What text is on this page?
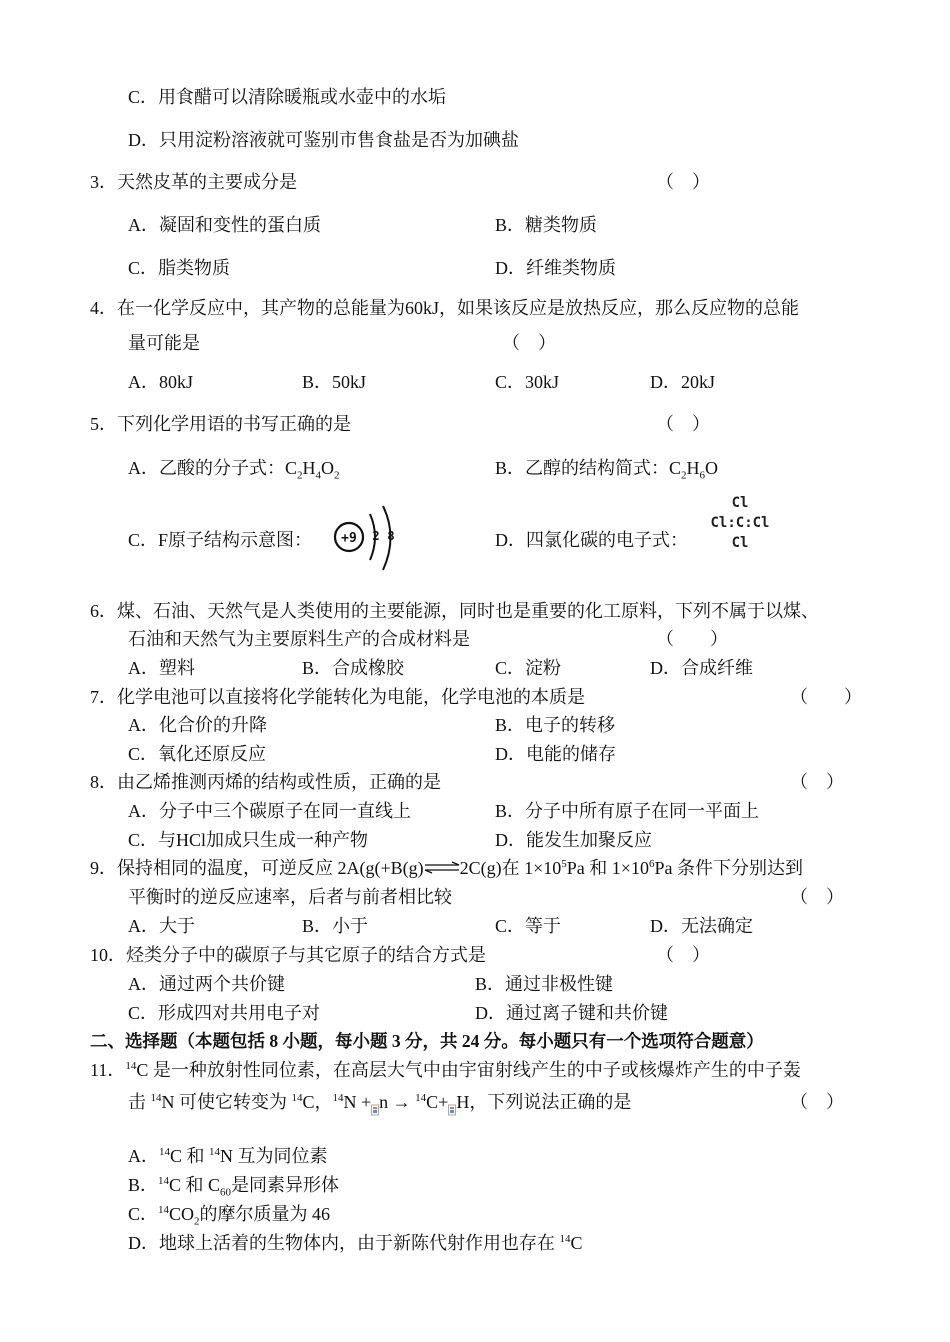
C．用食醋可以清除暖瓶或水壶中的水垢
D．只用淀粉溶液就可鉴别市售食盐是否为加碘盐
3．天然皮革的主要成分是	（　）
A．凝固和变性的蛋白质	B．糖类物质
C．脂类物质	D．纤维类物质
4．在一化学反应中，其产物的总能量为60kJ，如果该反应是放热反应，那么反应物的总能
量可能是	（　）
A．80kJ	B．50kJ	C．30kJ	D．20kJ
5．下列化学用语的书写正确的是	（　）
A．乙酸的分子式：$C_2H_4O_2$	B．乙醇的结构简式：$C_2H_6O$
C．F原子结构示意图： +9 2 8	D．四氯化碳的电子式：
Cl
Cl:C:Cl
Cl
6．煤、石油、天然气是人类使用的主要能源，同时也是重要的化工原料，下列不属于以煤、
石油和天然气为主要原料生产的合成材料是	（　　）
A．塑料	B．合成橡胶	C．淀粉	D．合成纤维
7．化学电池可以直接将化学能转化为电能，化学电池的本质是	（　　）
A．化合价的升降	B．电子的转移
C．氧化还原反应	D．电能的储存
8．由乙烯推测丙烯的结构或性质，正确的是	（　）
A．分子中三个碳原子在同一直线上	B．分子中所有原子在同一平面上
C．与HCl加成只生成一种产物	D．能发生加聚反应
9．保持相同的温度，可逆反应 2A(g(+B(g) 2C(g)在 $1\times 10^5Pa$ 和 $1\times 10^6Pa$ 条件下分别达到
平衡时的逆反应速率，后者与前者相比较	（　）
A．大于	B．小于	C．等于	D．无法确定
10．烃类分子中的碳原子与其它原子的结合方式是	（　）
A．通过两个共价键	B．通过非极性键
C．形成四对共用电子对	D．通过离子键和共价键
二、选择题（本题包括 8 小题，每小题 3 分，共 24 分。每小题只有一个选项符合题意）
11．$^{14}$C 是一种放射性同位素，在高层大气中由宇宙射线产生的中子或核爆炸产生的中子轰
击 $^{14}$N 可使它转变为 $^{14}$C，$^{14}$N + n → $^{14}$C+ H，下列说法正确的是	（　）
A．$^{14}$C 和 $^{14}$N 互为同位素
B．$^{14}$C 和 $C_{60}$是同素异形体
C．$^{14}CO_2$的摩尔质量为 46
D．地球上活着的生物体内，由于新陈代射作用也存在 $^{14}$C
